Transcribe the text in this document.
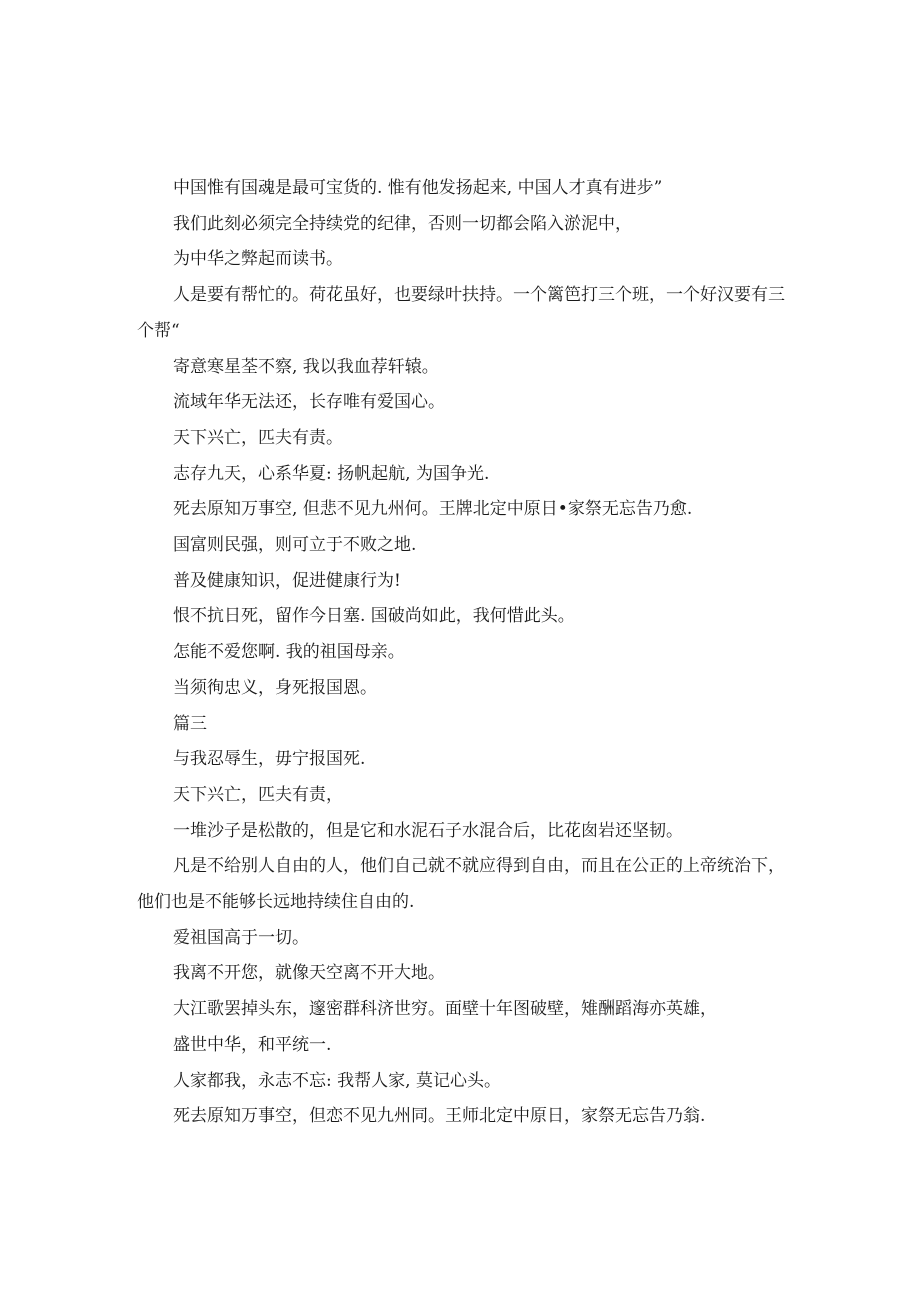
中国惟有国魂是最可宝货的. 惟有他发扬起来, 中国人才真有进步”

我们此刻必须完全持续党的纪律，否则一切都会陷入淤泥中，

为中华之弊起而读书。

人是要有帮忙的。荷花虽好，也要绿叶扶持。一个篱笆打三个班，一个好汉要有三个帮“

寄意寒星荃不察, 我以我血荐轩辕。

流域年华无法还，长存唯有爱国心。

天下兴亡，匹夫有责。

志存九天，心系华夏: 扬帆起航, 为国争光.

死去原知万事空, 但悲不见九州何。王牌北定中原日•家祭无忘告乃愈.

国富则民强，则可立于不败之地.

普及健康知识，促进健康行为!

恨不抗日死，留作今日塞. 国破尚如此，我何惜此头。

怎能不爱您啊. 我的祖国母亲。

当须徇忠义，身死报国恩。

篇三

与我忍辱生，毋宁报国死.

天下兴亡，匹夫有责，

一堆沙子是松散的，但是它和水泥石子水混合后，比花囱岩还坚韧。

凡是不给别人自由的人，他们自己就不就应得到自由，而且在公正的上帝统治下，他们也是不能够长远地持续住自由的.

爱祖国高于一切。

我离不开您，就像天空离不开大地。

大江歌罢掉头东，邃密群科济世穷。面壁十年图破壁，雉酬蹈海亦英雄，

盛世中华，和平统一.

人家都我，永志不忘: 我帮人家, 莫记心头。

死去原知万事空，但恋不见九州同。王师北定中原日，家祭无忘告乃翁.
